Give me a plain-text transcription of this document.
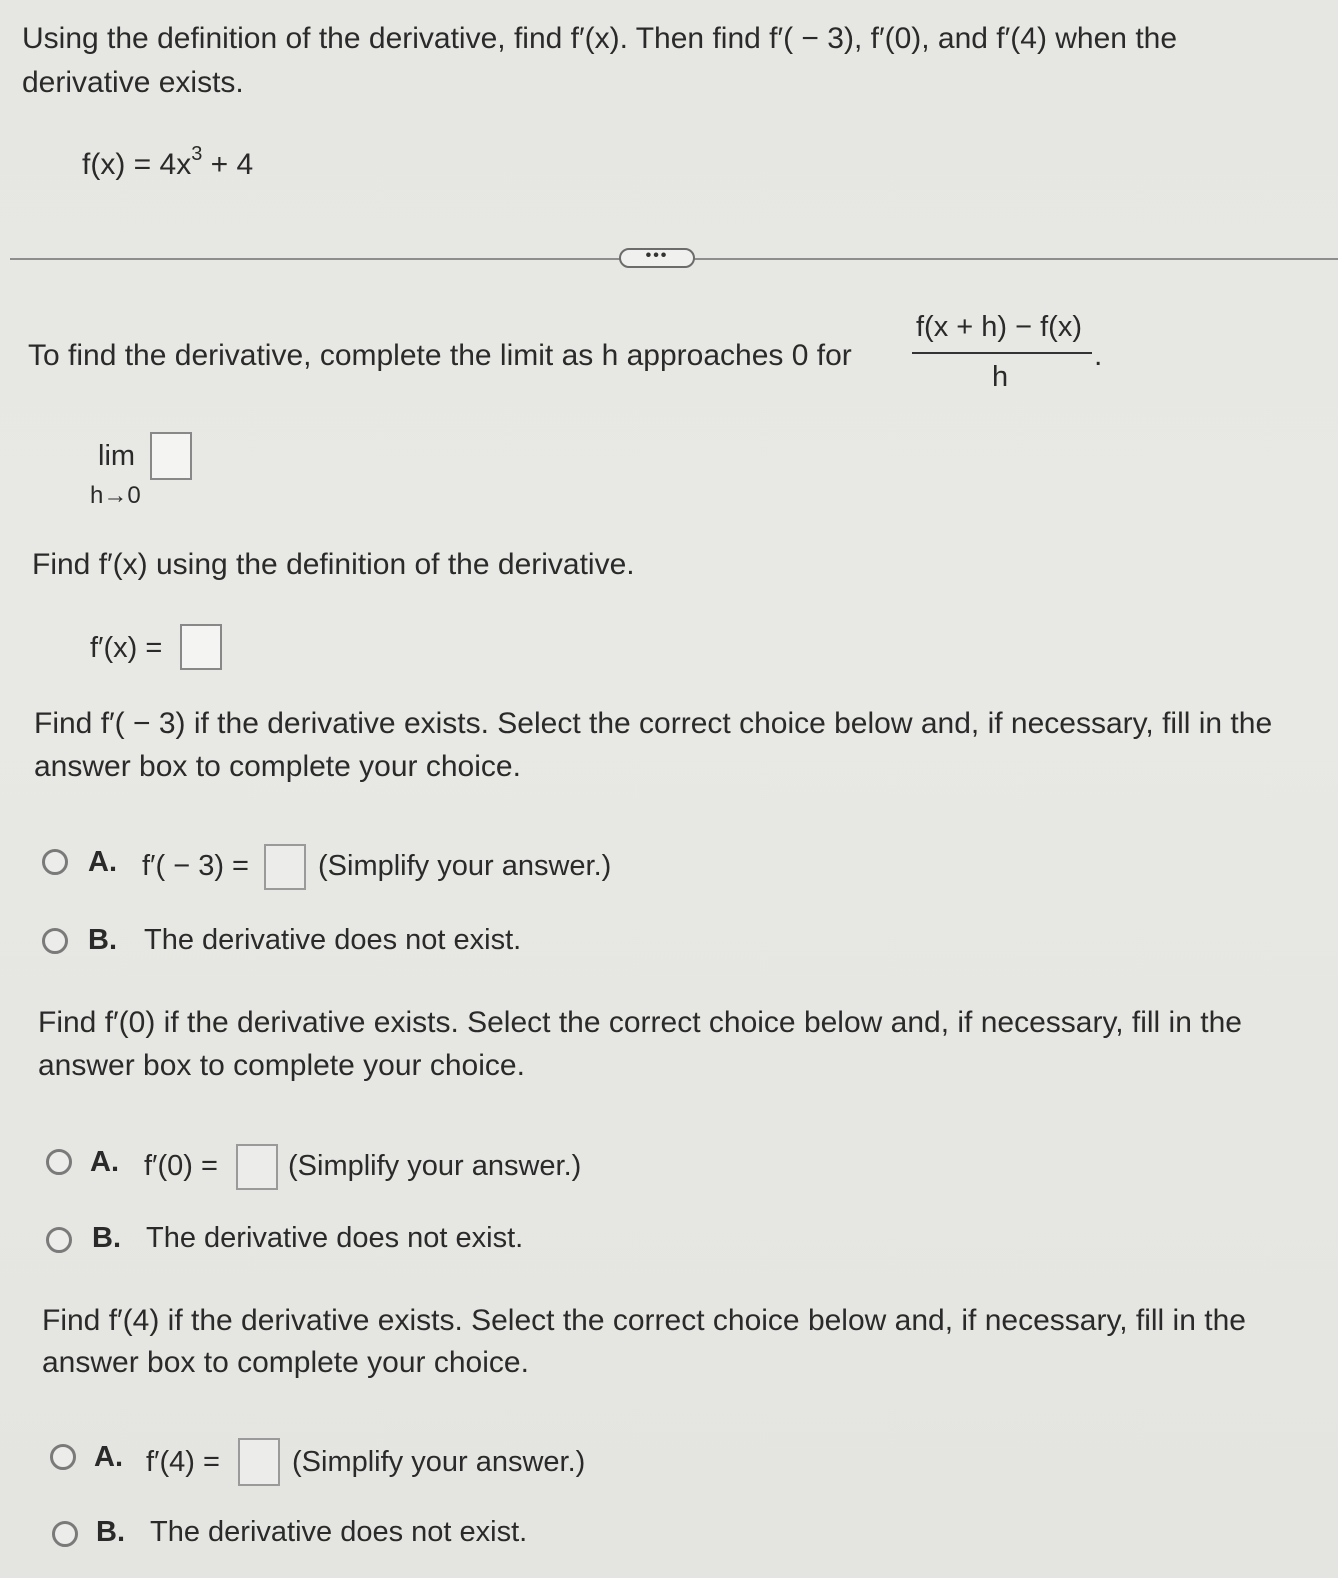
Using the definition of the derivative, find f′(x). Then find f′( − 3), f′(0), and f′(4) when the
derivative exists.
$f(x) = 4x^3 + 4$
•••
To find the derivative, complete the limit as h approaches 0 for
f(x + h) − f(x)
h
.
lim
h→0
Find f′(x) using the definition of the derivative.
f′(x) =
Find f′( − 3) if the derivative exists. Select the correct choice below and, if necessary, fill in the
answer box to complete your choice.
A. f′( − 3) = (Simplify your answer.)
B. The derivative does not exist.
Find f′(0) if the derivative exists. Select the correct choice below and, if necessary, fill in the
answer box to complete your choice.
A. f′(0) = (Simplify your answer.)
B. The derivative does not exist.
Find f′(4) if the derivative exists. Select the correct choice below and, if necessary, fill in the
answer box to complete your choice.
A. f′(4) = (Simplify your answer.)
B. The derivative does not exist.
